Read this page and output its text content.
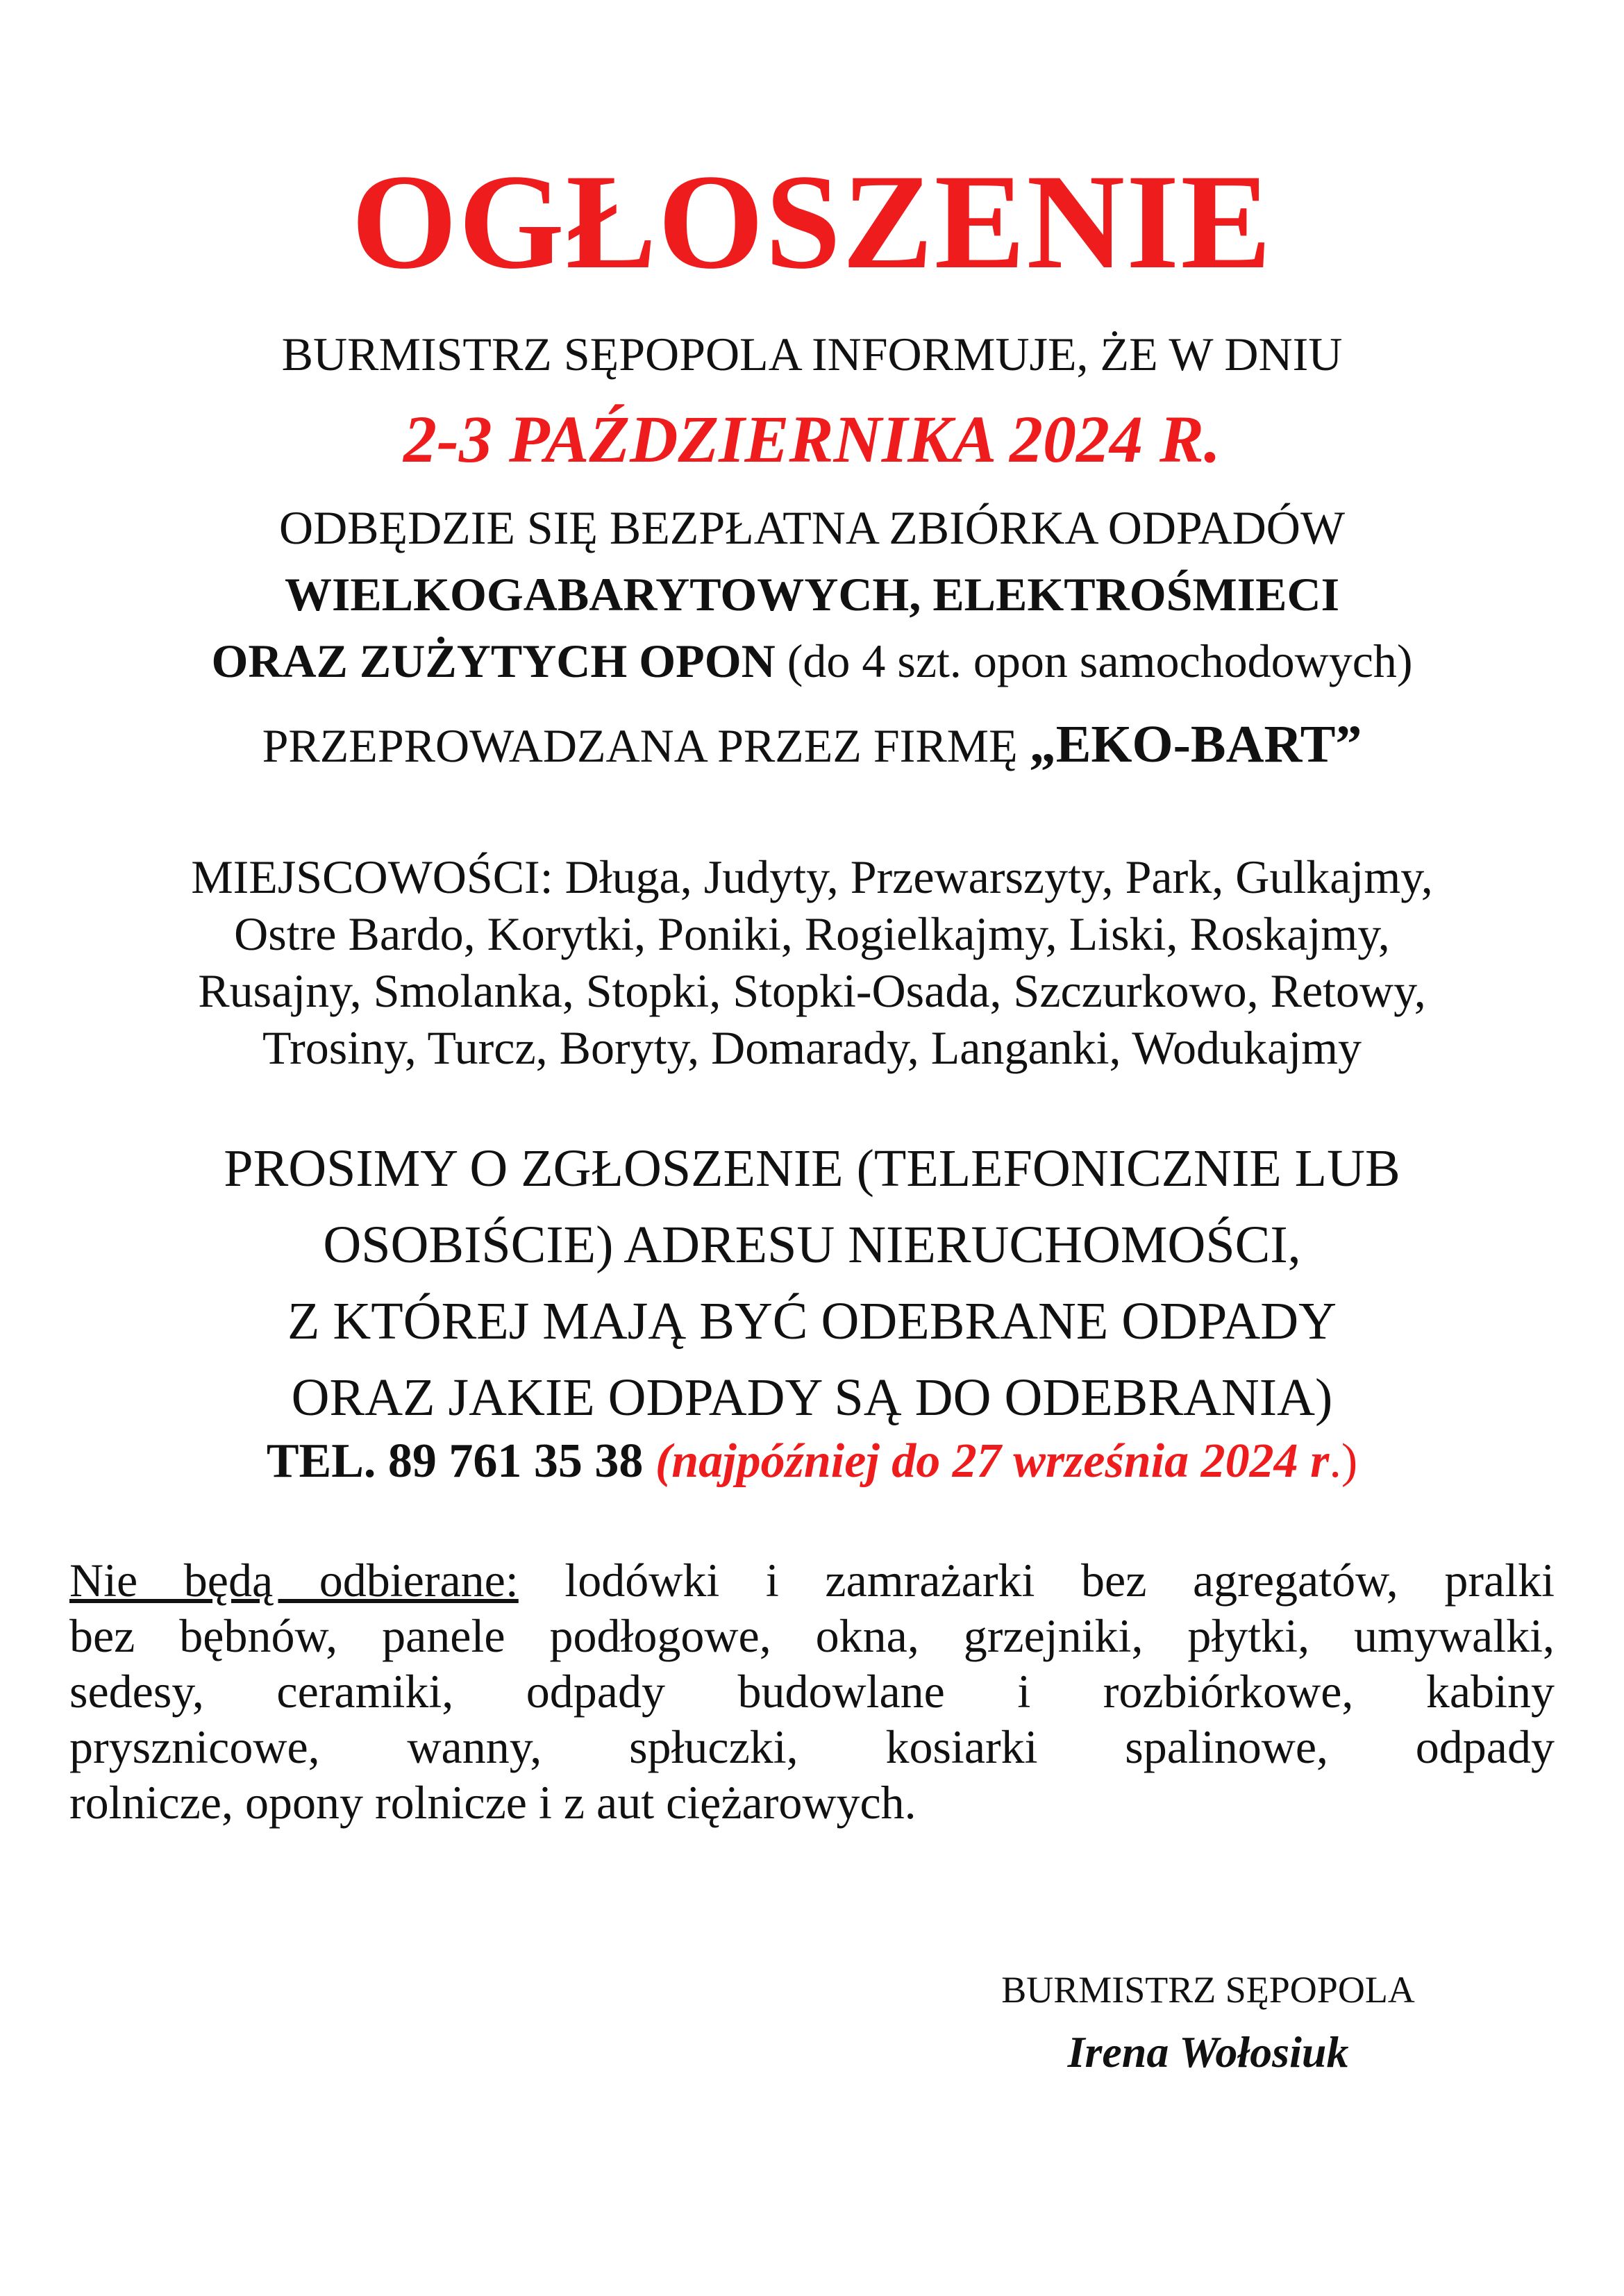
OGŁOSZENIE
BURMISTRZ SĘPOPOLA INFORMUJE, ŻE W DNIU
2-3 PAŹDZIERNIKA 2024 R.
ODBĘDZIE SIĘ BEZPŁATNA ZBIÓRKA ODPADÓW
WIELKOGABARYTOWYCH, ELEKTROŚMIECI
ORAZ ZUŻYTYCH OPON (do 4 szt. opon samochodowych)
PRZEPROWADZANA PRZEZ FIRMĘ „EKO-BART”
MIEJSCOWOŚCI: Długa, Judyty, Przewarszyty, Park, Gulkajmy,
Ostre Bardo, Korytki, Poniki, Rogielkajmy, Liski, Roskajmy,
Rusajny, Smolanka, Stopki, Stopki-Osada, Szczurkowo, Retowy,
Trosiny, Turcz, Boryty, Domarady, Langanki, Wodukajmy
PROSIMY O ZGŁOSZENIE (TELEFONICZNIE LUB
OSOBIŚCIE) ADRESU NIERUCHOMOŚCI,
Z KTÓREJ MAJĄ BYĆ ODEBRANE ODPADY
ORAZ JAKIE ODPADY SĄ DO ODEBRANIA)
TEL. 89 761 35 38 (najpóźniej do 27 września 2024 r.)
Nie będą odbierane: lodówki i zamrażarki bez agregatów, pralki
bez bębnów, panele podłogowe, okna, grzejniki, płytki, umywalki,
sedesy, ceramiki, odpady budowlane i rozbiórkowe, kabiny
prysznicowe, wanny, spłuczki, kosiarki spalinowe, odpady
rolnicze, opony rolnicze i z aut ciężarowych.
BURMISTRZ SĘPOPOLA
Irena Wołosiuk
